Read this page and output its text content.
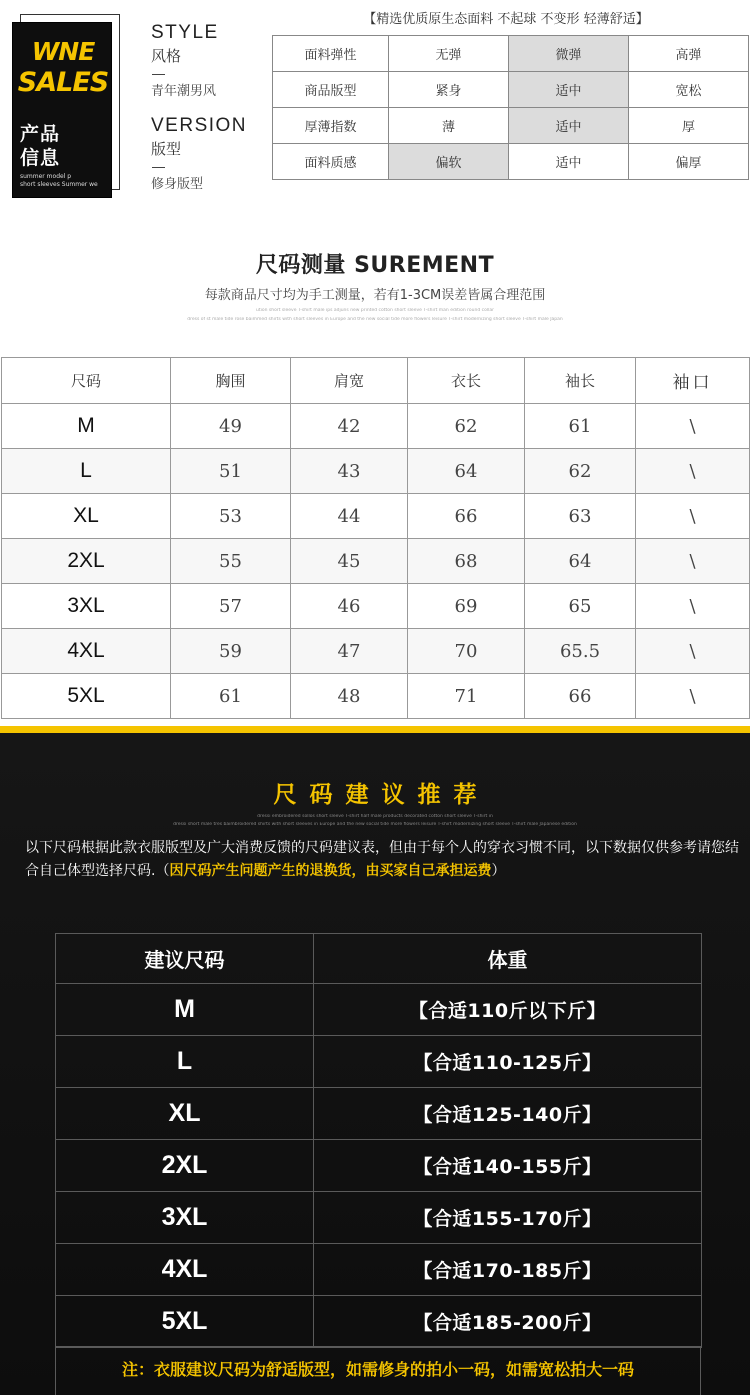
WNE
SALES
产品
信息
summer model p
short sleeves Summer we
STYLE
风格
青年潮男风
VERSION
版型
修身版型
【精选优质原生态面料 不起球 不变形 轻薄舒适】
面料弹性	无弹	微弹	高弹
商品版型	紧身	适中	宽松
厚薄指数	薄	适中	厚
面料质感	偏软	适中	偏厚
尺码测量 SUREMENT
每款商品尺寸均为手工测量，若有1-3CM误差皆属合理范围
ution short sleeve T-shirt male ips adjuns new printed cotton short sleeve T-shirt man edition round collar
dress of st male tide rose baimmed shirts with short sleeves in Europe and the new social tide more flowers leisure T-shirt modernizing short sleeve T-shirt male Japan
尺码	胸围	肩宽	衣长	袖长	袖口
M	49	42	62	61	\
L	51	43	64	62	\
XL	53	44	66	63	\
2XL	55	45	68	64	\
3XL	57	46	69	65	\
4XL	59	47	70	65.5	\
5XL	61	48	71	66	\
尺码建议推荐
dressi embroidered sollos short sleeve T-shirt half male products decorated cotton short sleeve T-shirt in
dressi short male tres baimbroidered shirts with short sleeves in Europe and the new social tide more flowers leisure T-shirt modernizing short sleeve T-shirt male Japanese edition
以下尺码根据此款衣服版型及广大消费反馈的尺码建议表，但由于每个人的穿衣习惯不同，以下数据仅供参考请您结合自己体型选择尺码.（因尺码产生问题产生的退换货，由买家自己承担运费）
建议尺码	体重
M	【合适110斤以下斤】
L	【合适110-125斤】
XL	【合适125-140斤】
2XL	【合适140-155斤】
3XL	【合适155-170斤】
4XL	【合适170-185斤】
5XL	【合适185-200斤】
注：衣服建议尺码为舒适版型，如需修身的拍小一码，如需宽松拍大一码
